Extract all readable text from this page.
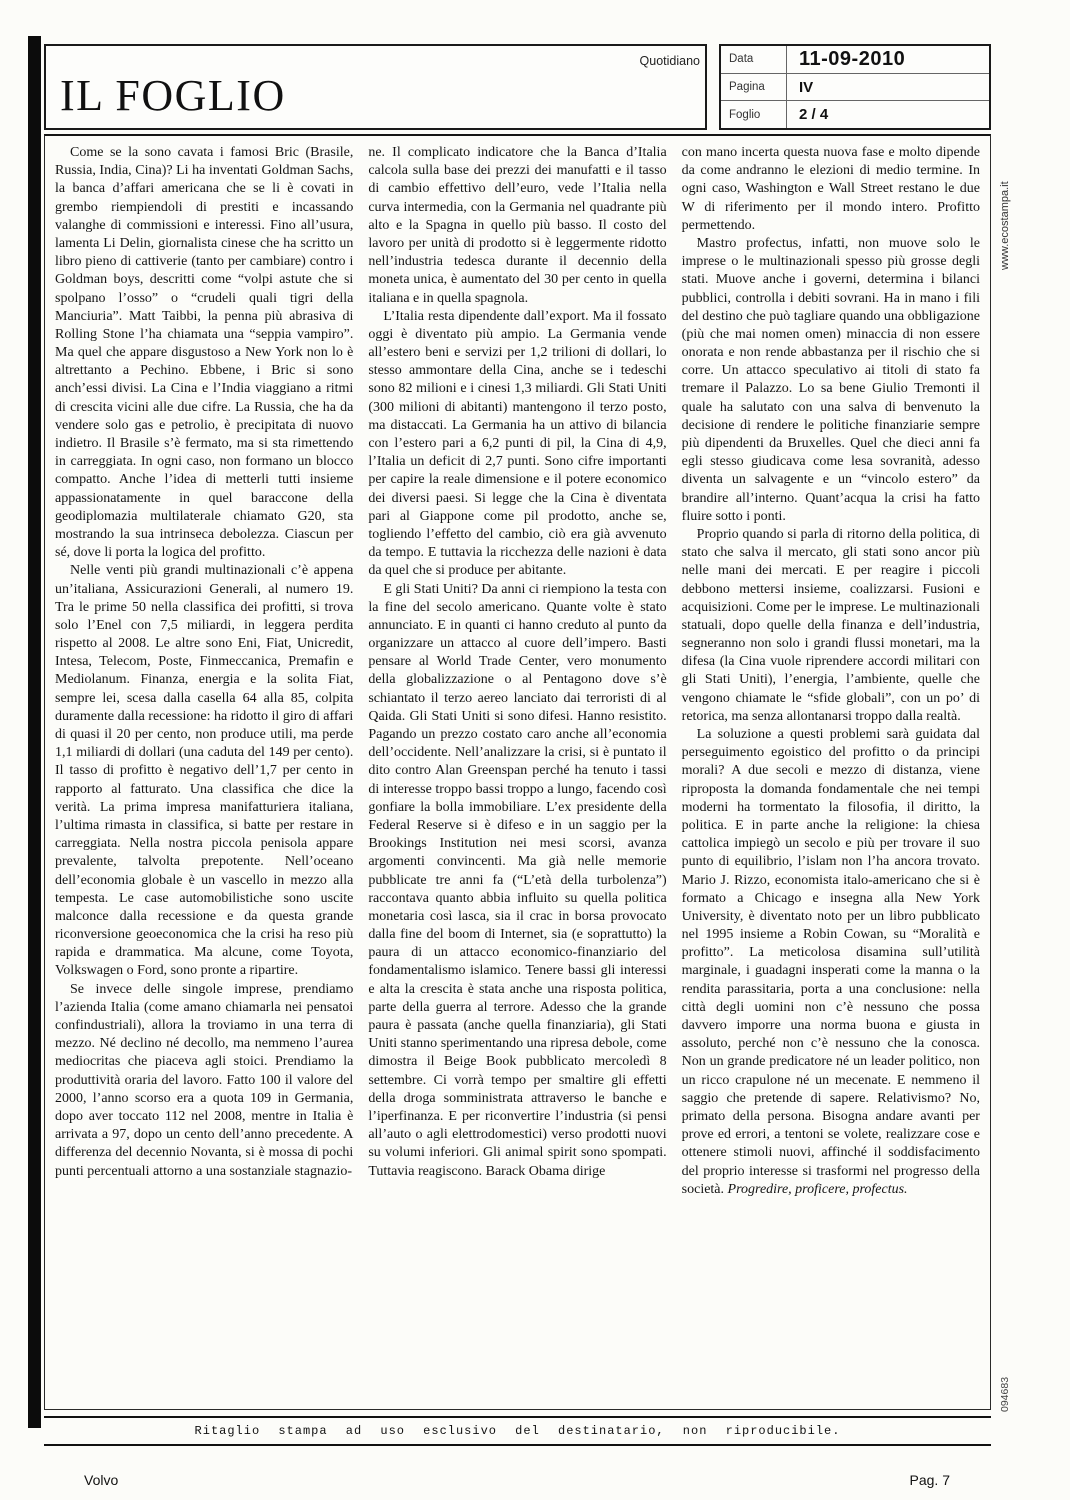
IL FOGLIO
Quotidiano	Data	11-09-2010
Pagina	IV
Foglio	2 / 4

Come se la sono cavata i famosi Bric (Brasile, Russia, India, Cina)? Li ha inventati Goldman Sachs, la banca d’affari americana che se li è covati in grembo riempiendoli di prestiti e incassando valanghe di commissioni e interessi. Fino all’usura, lamenta Li Delin, giornalista cinese che ha scritto un libro pieno di cattiverie (tanto per cambiare) contro i Goldman boys, descritti come “volpi astute che si spolpano l’osso” o “crudeli quali tigri della Manciuria”. Matt Taibbi, la penna più abrasiva di Rolling Stone l’ha chiamata una “seppia vampiro”. Ma quel che appare disgustoso a New York non lo è altrettanto a Pechino. Ebbene, i Bric si sono anch’essi divisi. La Cina e l’India viaggiano a ritmi di crescita vicini alle due cifre. La Russia, che ha da vendere solo gas e petrolio, è precipitata di nuovo indietro. Il Brasile s’è fermato, ma si sta rimettendo in carreggiata. In ogni caso, non formano un blocco compatto. Anche l’idea di metterli tutti insieme appassionatamente in quel baraccone della geodiplomazia multilaterale chiamato G20, sta mostrando la sua intrinseca debolezza. Ciascun per sé, dove li porta la logica del profitto.

Nelle venti più grandi multinazionali c’è appena un’italiana, Assicurazioni Generali, al numero 19. Tra le prime 50 nella classifica dei profitti, si trova solo l’Enel con 7,5 miliardi, in leggera perdita rispetto al 2008. Le altre sono Eni, Fiat, Unicredit, Intesa, Telecom, Poste, Finmeccanica, Premafin e Mediolanum. Finanza, energia e la solita Fiat, sempre lei, scesa dalla casella 64 alla 85, colpita duramente dalla recessione: ha ridotto il giro di affari di quasi il 20 per cento, non produce utili, ma perde 1,1 miliardi di dollari (una caduta del 149 per cento). Il tasso di profitto è negativo dell’1,7 per cento in rapporto al fatturato. Una classifica che dice la verità. La prima impresa manifatturiera italiana, l’ultima rimasta in classifica, si batte per restare in carreggiata. Nella nostra piccola penisola appare prevalente, talvolta prepotente. Nell’oceano dell’economia globale è un vascello in mezzo alla tempesta. Le case automobilistiche sono uscite malconce dalla recessione e da questa grande riconversione geoeconomica che la crisi ha reso più rapida e drammatica. Ma alcune, come Toyota, Volkswagen o Ford, sono pronte a ripartire.

Se invece delle singole imprese, prendiamo l’azienda Italia (come amano chiamarla nei pensatoi confindustriali), allora la troviamo in una terra di mezzo. Né declino né decollo, ma nemmeno l’aurea mediocritas che piaceva agli stoici. Prendiamo la produttività oraria del lavoro. Fatto 100 il valore del 2000, l’anno scorso era a quota 109 in Germania, dopo aver toccato 112 nel 2008, mentre in Italia è arrivata a 97, dopo un cento dell’anno precedente. A differenza del decennio Novanta, si è mossa di pochi punti percentuali attorno a una sostanziale stagnazio-

ne. Il complicato indicatore che la Banca d’Italia calcola sulla base dei prezzi dei manufatti e il tasso di cambio effettivo dell’euro, vede l’Italia nella curva intermedia, con la Germania nel quadrante più alto e la Spagna in quello più basso. Il costo del lavoro per unità di prodotto si è leggermente ridotto nell’industria tedesca durante il decennio della moneta unica, è aumentato del 30 per cento in quella italiana e in quella spagnola.

L’Italia resta dipendente dall’export. Ma il fossato oggi è diventato più ampio. La Germania vende all’estero beni e servizi per 1,2 trilioni di dollari, lo stesso ammontare della Cina, anche se i tedeschi sono 82 milioni e i cinesi 1,3 miliardi. Gli Stati Uniti (300 milioni di abitanti) mantengono il terzo posto, ma distaccati. La Germania ha un attivo di bilancia con l’estero pari a 6,2 punti di pil, la Cina di 4,9, l’Italia un deficit di 2,7 punti. Sono cifre importanti per capire la reale dimensione e il potere economico dei diversi paesi. Si legge che la Cina è diventata pari al Giappone come pil prodotto, anche se, togliendo l’effetto del cambio, ciò era già avvenuto da tempo. E tuttavia la ricchezza delle nazioni è data da quel che si produce per abitante.

E gli Stati Uniti? Da anni ci riempiono la testa con la fine del secolo americano. Quante volte è stato annunciato. E in quanti ci hanno creduto al punto da organizzare un attacco al cuore dell’impero. Basti pensare al World Trade Center, vero monumento della globalizzazione o al Pentagono dove s’è schiantato il terzo aereo lanciato dai terroristi di al Qaida. Gli Stati Uniti si sono difesi. Hanno resistito. Pagando un prezzo costato caro anche all’economia dell’occidente. Nell’analizzare la crisi, si è puntato il dito contro Alan Greenspan perché ha tenuto i tassi di interesse troppo bassi troppo a lungo, facendo così gonfiare la bolla immobiliare. L’ex presidente della Federal Reserve si è difeso e in un saggio per la Brookings Institution nei mesi scorsi, avanza argomenti convincenti. Ma già nelle memorie pubblicate tre anni fa (“L’età della turbolenza”) raccontava quanto abbia influito su quella politica monetaria così lasca, sia il crac in borsa provocato dalla fine del boom di Internet, sia (e soprattutto) la paura di un attacco economico-finanziario del fondamentalismo islamico. Tenere bassi gli interessi e alta la crescita è stata anche una risposta politica, parte della guerra al terrore. Adesso che la grande paura è passata (anche quella finanziaria), gli Stati Uniti stanno sperimentando una ripresa debole, come dimostra il Beige Book pubblicato mercoledì 8 settembre. Ci vorrà tempo per smaltire gli effetti della droga somministrata attraverso le banche e l’iperfinanza. E per riconvertire l’industria (si pensi all’auto o agli elettrodomestici) verso prodotti nuovi su volumi inferiori. Gli animal spirit sono spompati. Tuttavia reagiscono. Barack Obama dirige

con mano incerta questa nuova fase e molto dipende da come andranno le elezioni di medio termine. In ogni caso, Washington e Wall Street restano le due W di riferimento per il mondo intero. Profitto permettendo.

Mastro profectus, infatti, non muove solo le imprese o le multinazionali spesso più grosse degli stati. Muove anche i governi, determina i bilanci pubblici, controlla i debiti sovrani. Ha in mano i fili del destino che può tagliare quando una obbligazione (più che mai nomen omen) minaccia di non essere onorata e non rende abbastanza per il rischio che si corre. Un attacco speculativo ai titoli di stato fa tremare il Palazzo. Lo sa bene Giulio Tremonti il quale ha salutato con una salva di benvenuto la decisione di rendere le politiche finanziarie sempre più dipendenti da Bruxelles. Quel che dieci anni fa egli stesso giudicava come lesa sovranità, adesso diventa un salvagente e un “vincolo estero” da brandire all’interno. Quant’acqua la crisi ha fatto fluire sotto i ponti.

Proprio quando si parla di ritorno della politica, di stato che salva il mercato, gli stati sono ancor più nelle mani dei mercati. E per reagire i piccoli debbono mettersi insieme, coalizzarsi. Fusioni e acquisizioni. Come per le imprese. Le multinazionali statuali, dopo quelle della finanza e dell’industria, segneranno non solo i grandi flussi monetari, ma la difesa (la Cina vuole riprendere accordi militari con gli Stati Uniti), l’energia, l’ambiente, quelle che vengono chiamate le “sfide globali”, con un po’ di retorica, ma senza allontanarsi troppo dalla realtà.

La soluzione a questi problemi sarà guidata dal perseguimento egoistico del profitto o da principi morali? A due secoli e mezzo di distanza, viene riproposta la domanda fondamentale che nei tempi moderni ha tormentato la filosofia, il diritto, la politica. E in parte anche la religione: la chiesa cattolica impiegò un secolo e più per trovare il suo punto di equilibrio, l’islam non l’ha ancora trovato. Mario J. Rizzo, economista italo-americano che si è formato a Chicago e insegna alla New York University, è diventato noto per un libro pubblicato nel 1995 insieme a Robin Cowan, su “Moralità e profitto”. La meticolosa disamina sull’utilità marginale, i guadagni insperati come la manna o la rendita parassitaria, porta a una conclusione: nella città degli uomini non c’è nessuno che possa davvero imporre una norma buona e giusta in assoluto, perché non c’è nessuno che la conosca. Non un grande predicatore né un leader politico, non un ricco crapulone né un mecenate. E nemmeno il saggio che pretende di sapere. Relativismo? No, primato della persona. Bisogna andare avanti per prove ed errori, a tentoni se volete, realizzare cose e ottenere stimoli nuovi, affinché il soddisfacimento del proprio interesse si trasformi nel progresso della società. Progredire, proficere, profectus.

www.ecostampa.it
094683
Ritaglio stampa ad uso esclusivo del destinatario, non riproducibile.
Volvo	Pag. 7
